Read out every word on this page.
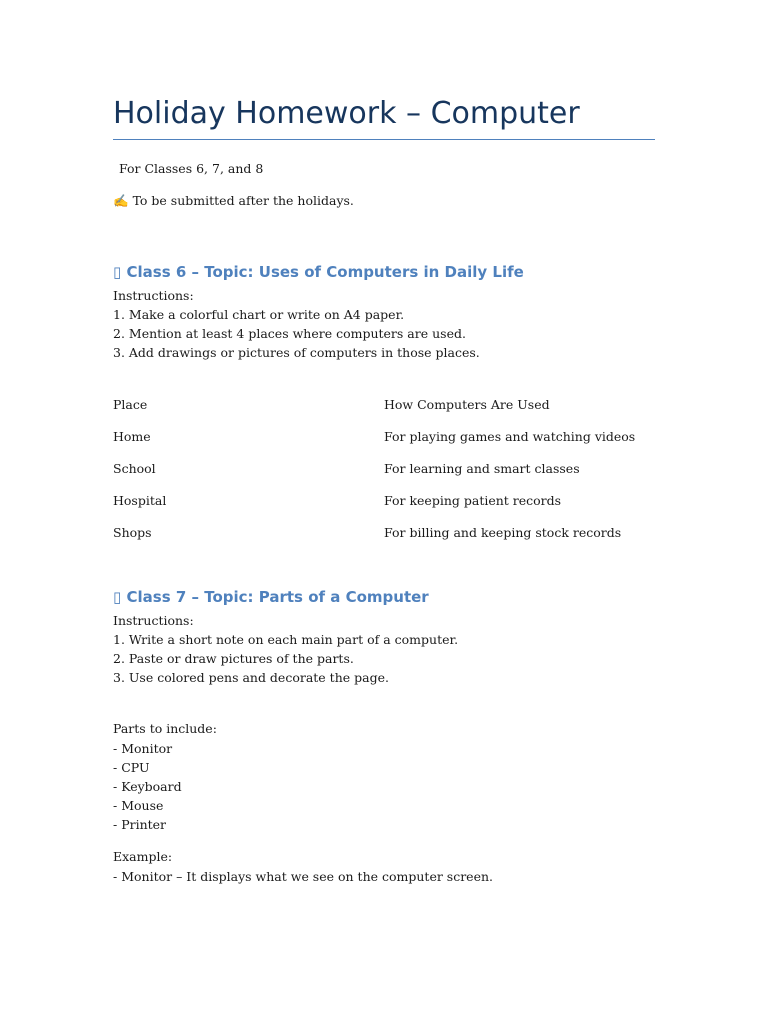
Holiday Homework – Computer
For Classes 6, 7, and 8
✍ To be submitted after the holidays.
▯ Class 6 – Topic: Uses of Computers in Daily Life
Instructions:
1. Make a colorful chart or write on A4 paper.
2. Mention at least 4 places where computers are used.
3. Add drawings or pictures of computers in those places.
Place	How Computers Are Used
Home	For playing games and watching videos
School	For learning and smart classes
Hospital	For keeping patient records
Shops	For billing and keeping stock records
▯ Class 7 – Topic: Parts of a Computer
Instructions:
1. Write a short note on each main part of a computer.
2. Paste or draw pictures of the parts.
3. Use colored pens and decorate the page.
Parts to include:
- Monitor
- CPU
- Keyboard
- Mouse
- Printer
Example:
- Monitor – It displays what we see on the computer screen.
